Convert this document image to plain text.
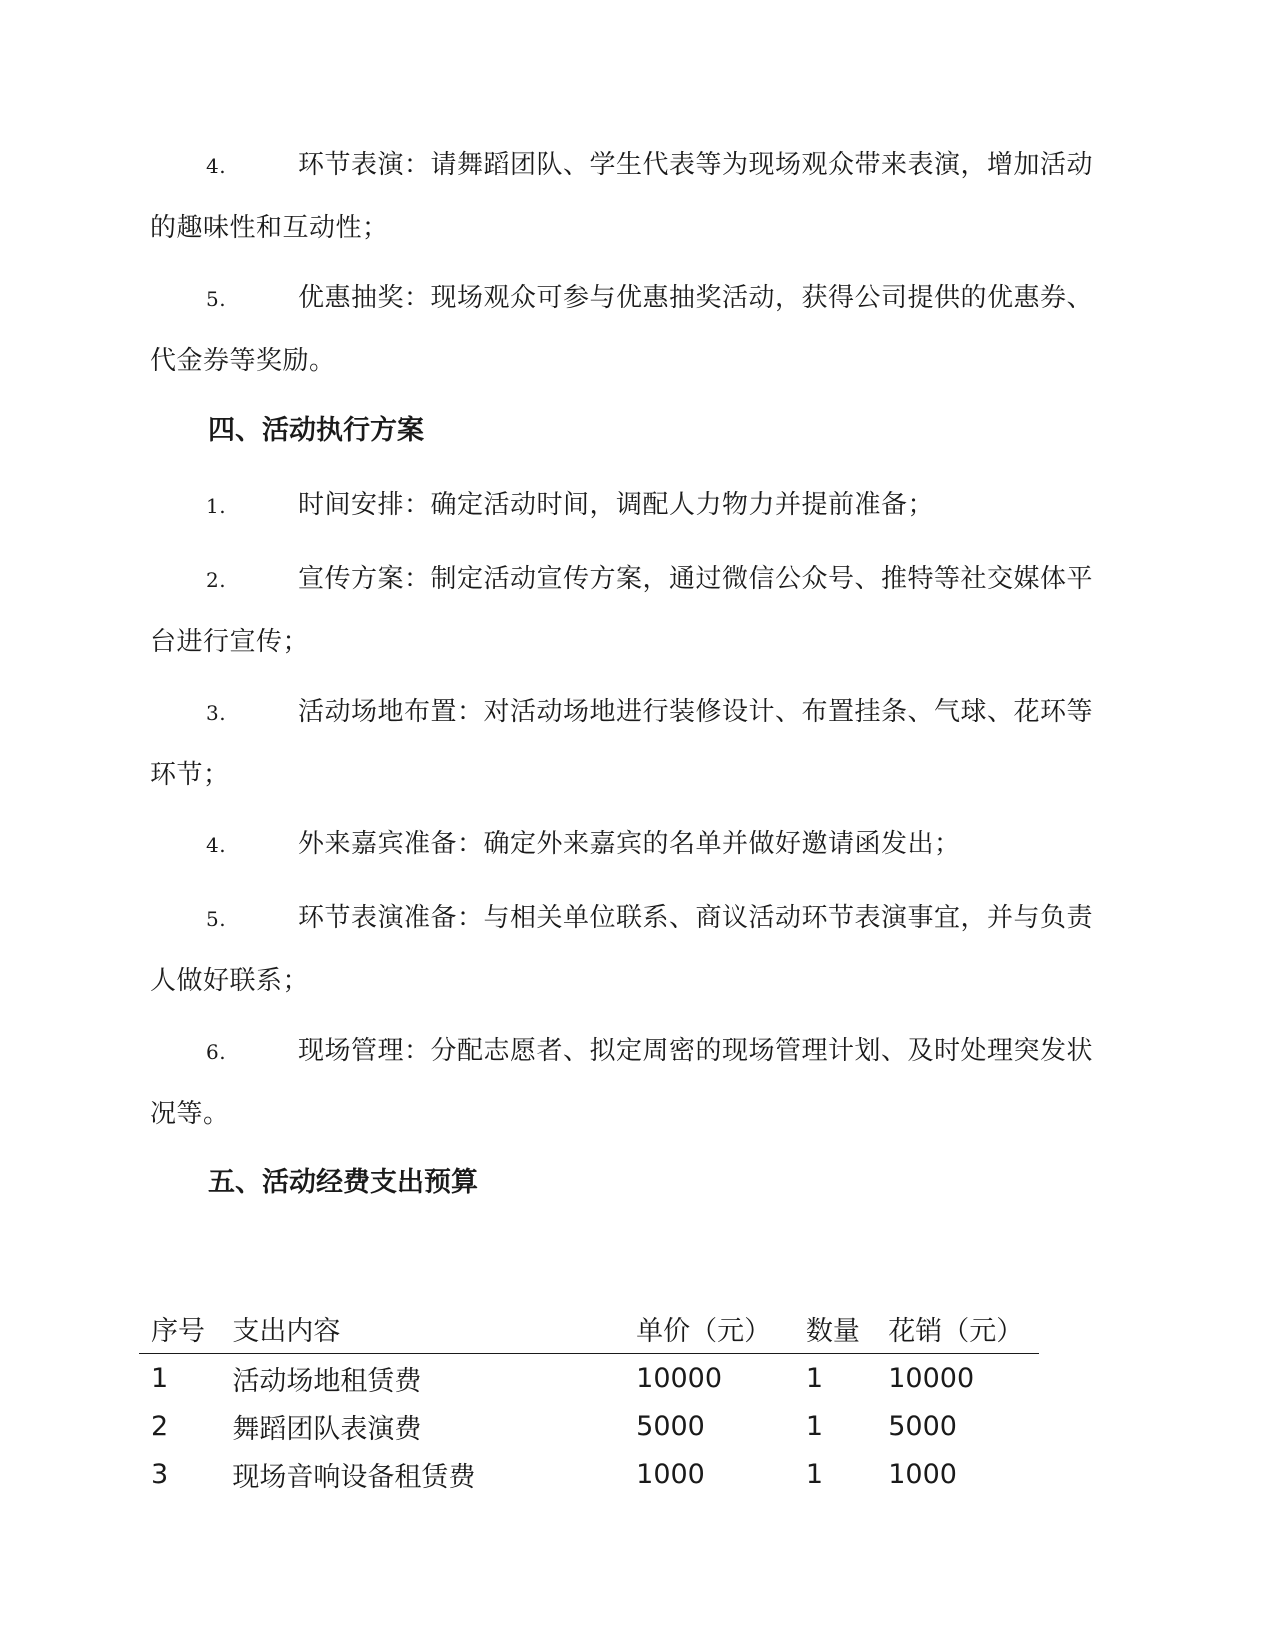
4.	环节表演：请舞蹈团队、学生代表等为现场观众带来表演，增加活动的趣味性和互动性；
5.	优惠抽奖：现场观众可参与优惠抽奖活动，获得公司提供的优惠券、代金券等奖励。
四、活动执行方案
1.	时间安排：确定活动时间，调配人力物力并提前准备；
2.	宣传方案：制定活动宣传方案，通过微信公众号、推特等社交媒体平台进行宣传；
3.	活动场地布置：对活动场地进行装修设计、布置挂条、气球、花环等环节；
4.	外来嘉宾准备：确定外来嘉宾的名单并做好邀请函发出；
5.	环节表演准备：与相关单位联系、商议活动环节表演事宜，并与负责人做好联系；
6.	现场管理：分配志愿者、拟定周密的现场管理计划、及时处理突发状况等。
五、活动经费支出预算
序号	支出内容	单价（元）	数量	花销（元）
1	活动场地租赁费	10000	1	10000
2	舞蹈团队表演费	5000	1	5000
3	现场音响设备租赁费	1000	1	1000
